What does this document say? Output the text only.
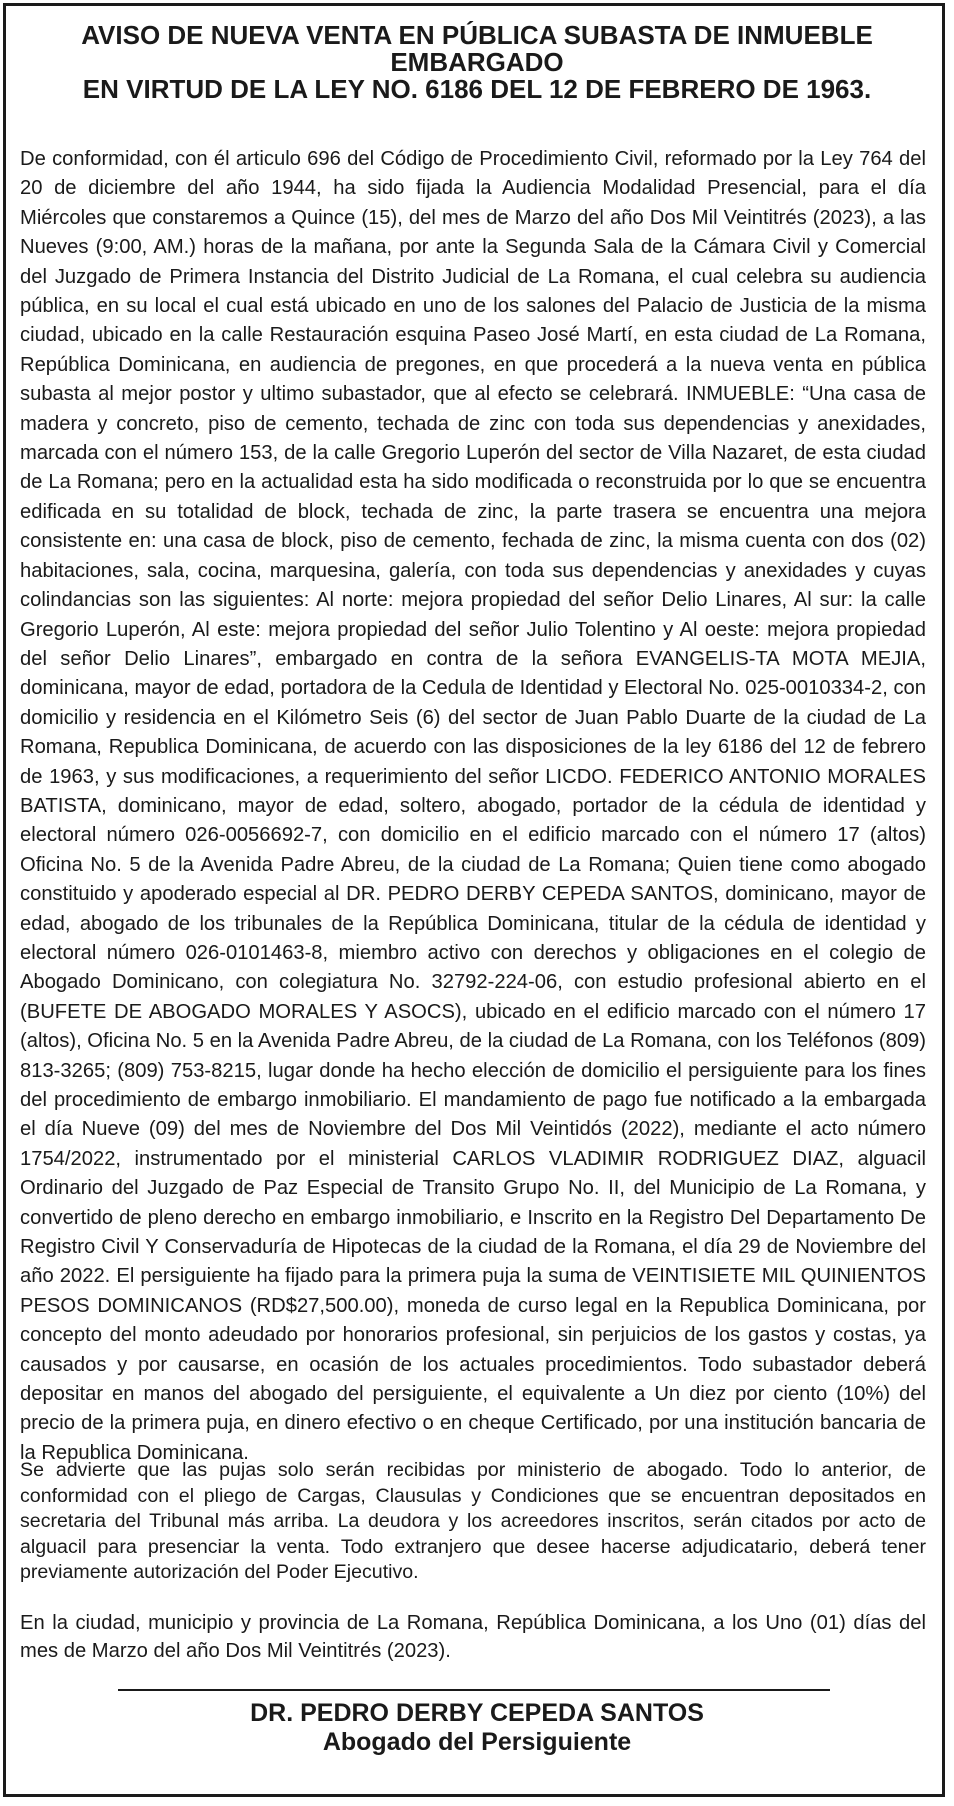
AVISO DE NUEVA VENTA EN PÚBLICA SUBASTA DE INMUEBLE
EMBARGADO
EN VIRTUD DE LA LEY NO. 6186 DEL 12 DE FEBRERO DE 1963.

De conformidad, con él articulo 696 del Código de Procedimiento Civil, reformado por la Ley 764 del 20 de diciembre del año 1944, ha sido fijada la Audiencia Modalidad Presencial, para el día Miércoles que constaremos a Quince (15), del mes de Marzo del año Dos Mil Veintitrés (2023), a las Nueves (9:00, AM.) horas de la mañana, por ante la Segunda Sala de la Cámara Civil y Comercial del Juzgado de Primera Instancia del Distrito Judicial de La Romana, el cual celebra su audiencia pública, en su local el cual está ubicado en uno de los salones del Palacio de Justicia de la misma ciudad, ubicado en la calle Restauración esquina Paseo José Martí, en esta ciudad de La Romana, República Dominicana, en audiencia de pregones, en que procederá a la nueva venta en pública subasta al mejor postor y ultimo subastador, que al efecto se celebrará. INMUEBLE: “Una casa de madera y concreto, piso de cemento, techada de zinc con toda sus dependencias y anexidades, marcada con el número 153, de la calle Gregorio Luperón del sector de Villa Nazaret, de esta ciudad de La Romana; pero en la actualidad esta ha sido modificada o reconstruida por lo que se encuentra edificada en su totalidad de block, techada de zinc, la parte trasera se encuentra una mejora consistente en: una casa de block, piso de cemento, fechada de zinc, la misma cuenta con dos (02) habitaciones, sala, cocina, marquesina, galería, con toda sus dependencias y anexidades y cuyas colindancias son las siguientes: Al norte: mejora propiedad del señor Delio Linares, Al sur: la calle Gregorio Luperón, Al este: mejora propiedad del señor Julio Tolentino y Al oeste: mejora propiedad del señor Delio Linares”, embargado en contra de la señora EVANGELIS-TA MOTA MEJIA, dominicana, mayor de edad, portadora de la Cedula de Identidad y Electoral No. 025-0010334-2, con domicilio y residencia en el Kilómetro Seis (6) del sector de Juan Pablo Duarte de la ciudad de La Romana, Republica Dominicana, de acuerdo con las disposiciones de la ley 6186 del 12 de febrero de 1963, y sus modificaciones, a requerimiento del señor LICDO. FEDERICO ANTONIO MORALES BATISTA, dominicano, mayor de edad, soltero, abogado, portador de la cédula de identidad y electoral número 026-0056692-7, con domicilio en el edificio marcado con el número 17 (altos) Oficina No. 5 de la Avenida Padre Abreu, de la ciudad de La Romana; Quien tiene como abogado constituido y apoderado especial al DR. PEDRO DERBY CEPEDA SANTOS, dominicano, mayor de edad, abogado de los tribunales de la República Dominicana, titular de la cédula de identidad y electoral número 026-0101463-8, miembro activo con derechos y obligaciones en el colegio de Abogado Dominicano, con colegiatura No. 32792-224-06, con estudio profesional abierto en el (BUFETE DE ABOGADO MORALES Y ASOCS), ubicado en el edificio marcado con el número 17 (altos), Oficina No. 5 en la Avenida Padre Abreu, de la ciudad de La Romana, con los Teléfonos (809) 813-3265; (809) 753-8215, lugar donde ha hecho elección de domicilio el persiguiente para los fines del procedimiento de embargo inmobiliario. El mandamiento de pago fue notificado a la embargada el día Nueve (09) del mes de Noviembre del Dos Mil Veintidós (2022), mediante el acto número 1754/2022, instrumentado por el ministerial CARLOS VLADIMIR RODRIGUEZ DIAZ, alguacil Ordinario del Juzgado de Paz Especial de Transito Grupo No. II, del Municipio de La Romana, y convertido de pleno derecho en embargo inmobiliario, e Inscrito en la Registro Del Departamento De Registro Civil Y Conservaduría de Hipotecas de la ciudad de la Romana, el día 29 de Noviembre del año 2022. El persiguiente ha fijado para la primera puja la suma de VEINTISIETE MIL QUINIENTOS PESOS DOMINICANOS (RD$27,500.00), moneda de curso legal en la Republica Dominicana, por concepto del monto adeudado por honorarios profesional, sin perjuicios de los gastos y costas, ya causados y por causarse, en ocasión de los actuales procedimientos. Todo subastador deberá depositar en manos del abogado del persiguiente, el equivalente a Un diez por ciento (10%) del precio de la primera puja, en dinero efectivo o en cheque Certificado, por una institución bancaria de la Republica Dominicana.

Se advierte que las pujas solo serán recibidas por ministerio de abogado. Todo lo anterior, de conformidad con el pliego de Cargas, Clausulas y Condiciones que se encuentran depositados en secretaria del Tribunal más arriba. La deudora y los acreedores inscritos, serán citados por acto de alguacil para presenciar la venta. Todo extranjero que desee hacerse adjudicatario, deberá tener previamente autorización del Poder Ejecutivo.

En la ciudad, municipio y provincia de La Romana, República Dominicana, a los Uno (01) días del mes de Marzo del año Dos Mil Veintitrés (2023).

DR. PEDRO DERBY CEPEDA SANTOS
Abogado del Persiguiente
